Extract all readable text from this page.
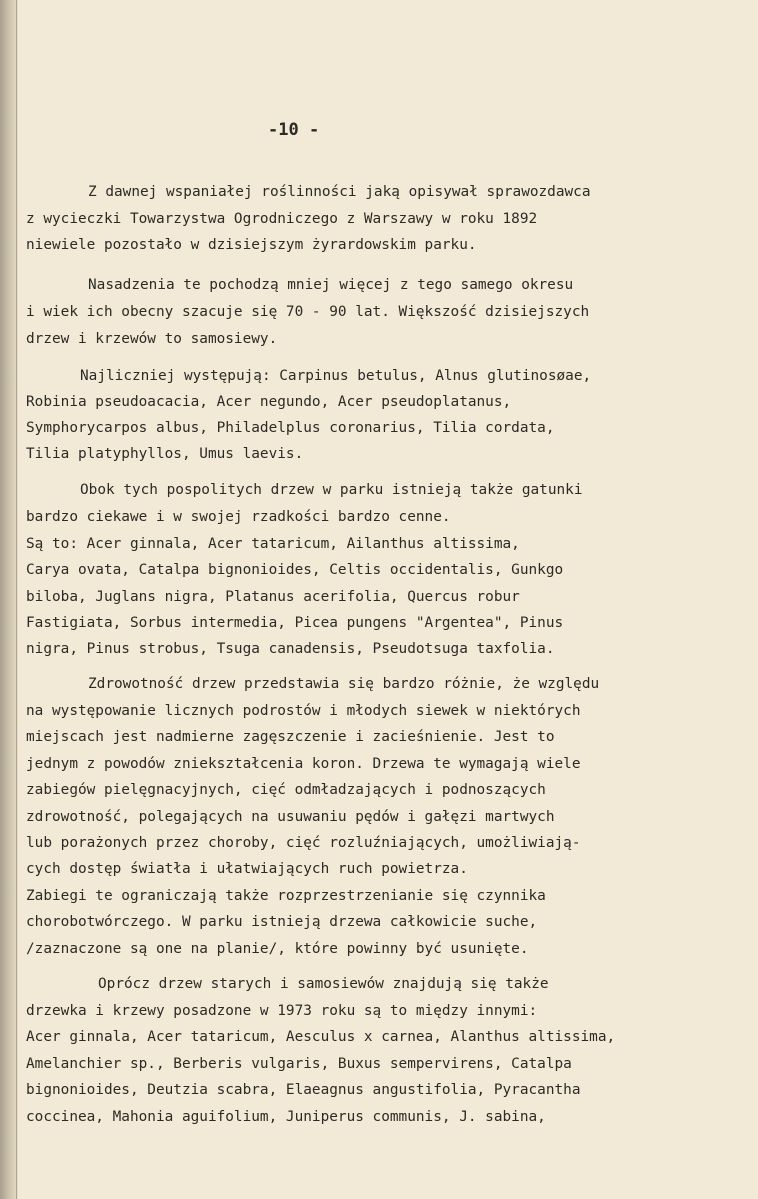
-10 -
Z dawnej wspaniałej roślinności jaką opisywał sprawozdawca
z wycieczki Towarzystwa Ogrodniczego z Warszawy w roku 1892
niewiele pozostało w dzisiejszym żyrardowskim parku.
Nasadzenia te pochodzą mniej więcej z tego samego okresu
i wiek ich obecny szacuje się 70 - 90 lat. Większość dzisiejszych
drzew i krzewów to samosiewy.
Najliczniej występują: Carpinus betulus, Alnus glutinosøae,
Robinia pseudoacacia, Acer negundo, Acer pseudoplatanus,
Symphorycarpos albus, Philadelplus coronarius, Tilia cordata,
Tilia platyphyllos, Umus laevis.
Obok tych pospolitych drzew w parku istnieją także gatunki
bardzo ciekawe i w swojej rzadkości bardzo cenne.
Są to: Acer ginnala, Acer tataricum, Ailanthus altissima,
Carya ovata, Catalpa bignonioides, Celtis occidentalis, Gunkgo
biloba, Juglans nigra, Platanus acerifolia, Quercus robur
Fastigiata, Sorbus intermedia, Picea pungens "Argentea", Pinus
nigra, Pinus strobus, Tsuga canadensis, Pseudotsuga taxfolia.
Zdrowotność drzew przedstawia się bardzo różnie, że względu
na występowanie licznych podrostów i młodych siewek w niektórych
miejscach jest nadmierne zagęszczenie i zacieśnienie. Jest to
jednym z powodów zniekształcenia koron. Drzewa te wymagają wiele
zabiegów pielęgnacyjnych, cięć odmładzających i podnoszących
zdrowotność, polegających na usuwaniu pędów i gałęzi martwych
lub porażonych przez choroby, cięć rozluźniających, umożliwiają-
cych dostęp światła i ułatwiających ruch powietrza.
Zabiegi te ograniczają także rozprzestrzenianie się czynnika
chorobotwórczego. W parku istnieją drzewa całkowicie suche,
/zaznaczone są one na planie/, które powinny być usunięte.
Oprócz drzew starych i samosiewów znajdują się także
drzewka i krzewy posadzone w 1973 roku są to między innymi:
Acer ginnala, Acer tataricum, Aesculus x carnea, Alanthus altissima,
Amelanchier sp., Berberis vulgaris, Buxus sempervirens, Catalpa
bignonioides, Deutzia scabra, Elaeagnus angustifolia, Pyracantha
coccinea, Mahonia aguifolium, Juniperus communis, J. sabina,
